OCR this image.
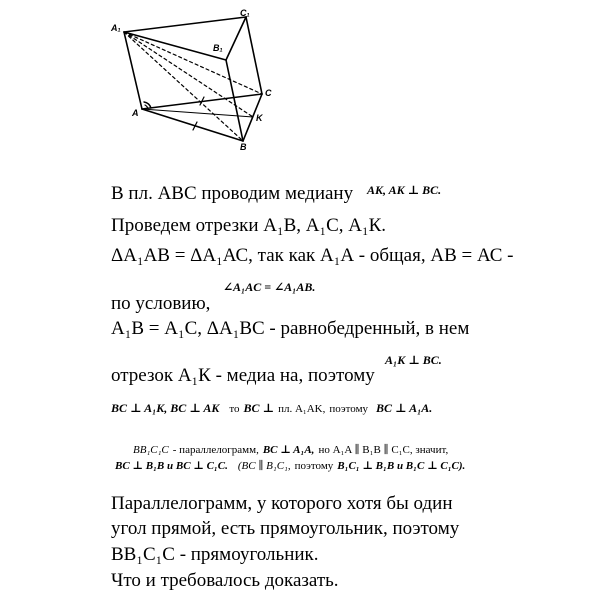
A₁
C₁
B₁
A
C
K
B
В пл. АВС проводим медиану AK, AK ⊥ BC.
Проведем отрезки А₁В, А₁С, А₁К.
ΔА₁АВ = ΔА₁АС, так как А₁А - общая, АВ = АС -
∠A₁AC = ∠A₁AB.
по условию,
А₁В = А₁С, ΔА₁ВС - равнобедренный, в нем
A₁K ⊥ BC.
отрезок А₁К - медиа на, поэтому
BC ⊥ A₁K, BC ⊥ AK то BC ⊥ пл. A₁AK, поэтому BC ⊥ A₁A.
BB₁C₁C - параллелограмм, BC ⊥ A₁A, но A₁A ∥ B₁B ∥ C₁C, значит,
BC ⊥ B₁B и BC ⊥ C₁C. (BC ∥ B₁C₁, поэтому B₁C₁ ⊥ B₁B и B₁C ⊥ C₁C).
Параллелограмм, у которого хотя бы один
угол прямой, есть прямоугольник, поэтому
ВВ₁С₁С - прямоугольник.
Что и требовалось доказать.
